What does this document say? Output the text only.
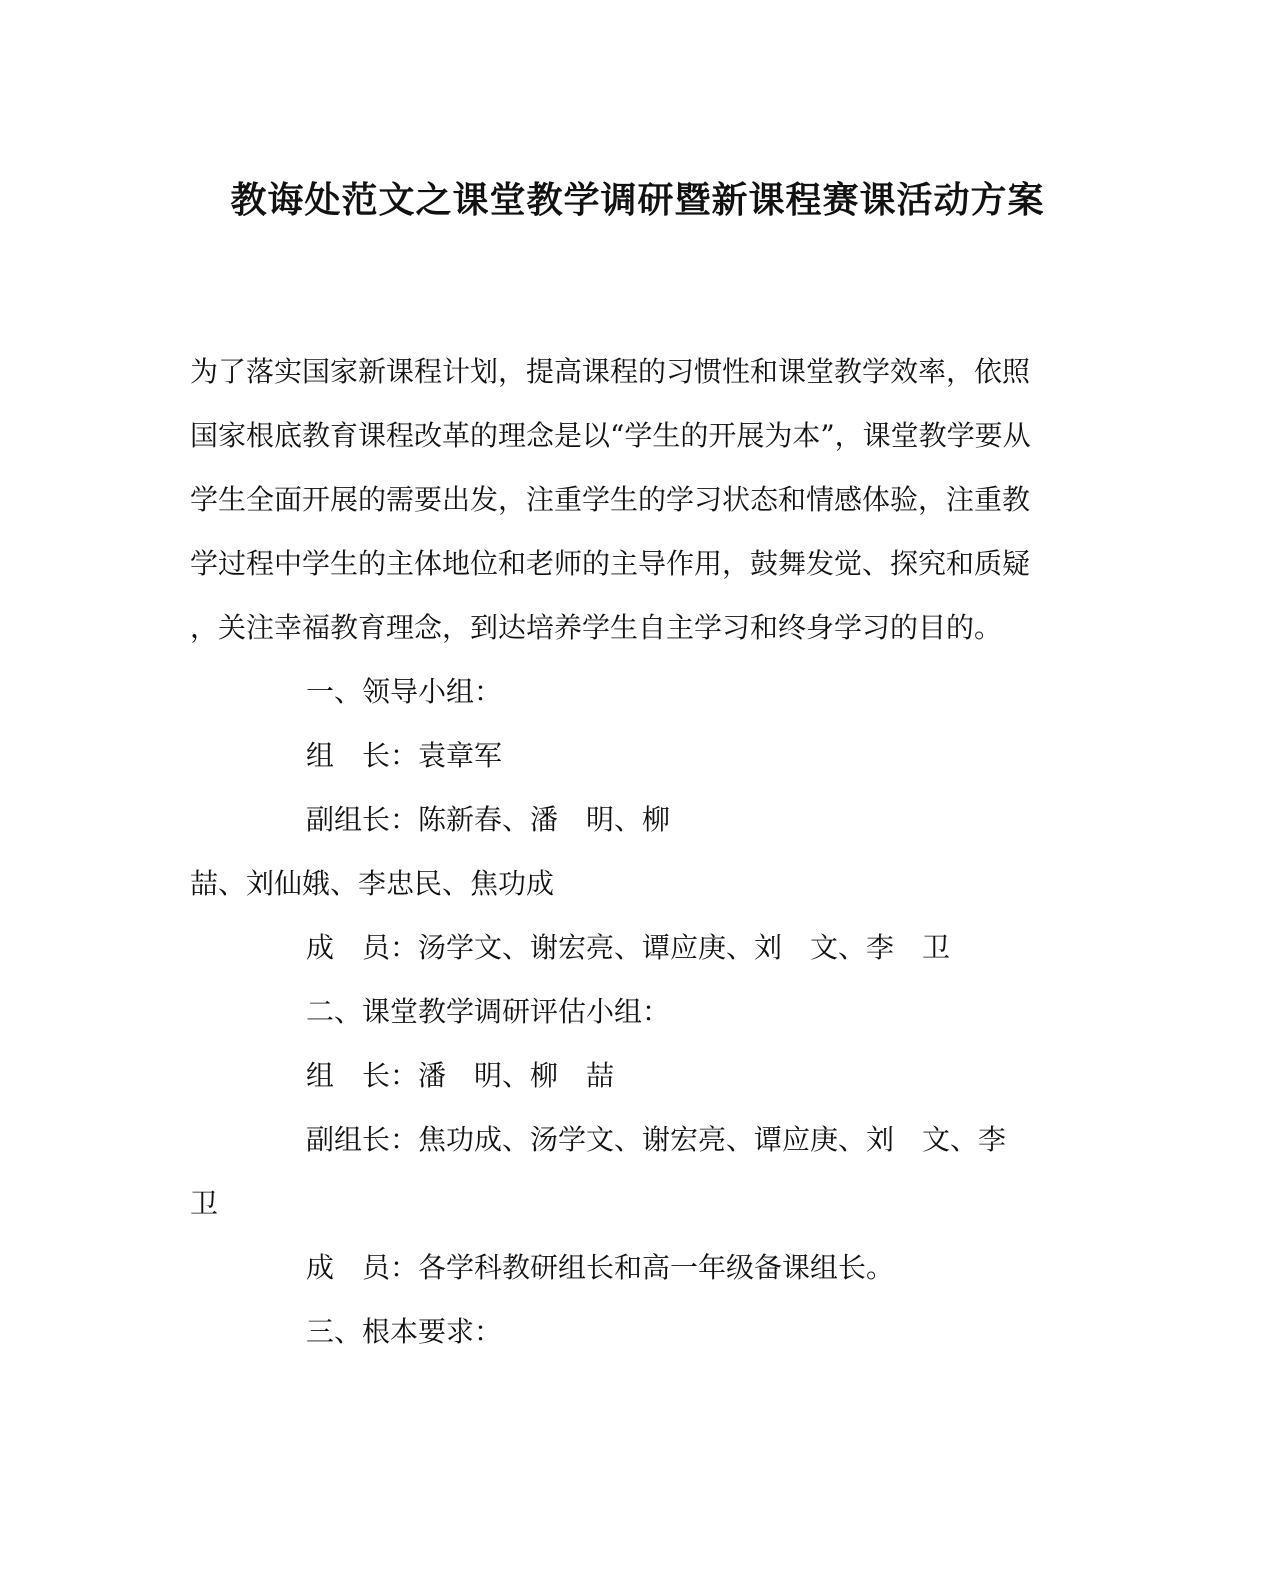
教诲处范文之课堂教学调研暨新课程赛课活动方案
为了落实国家新课程计划，提高课程的习惯性和课堂教学效率，依照
国家根底教育课程改革的理念是以“学生的开展为本”，课堂教学要从
学生全面开展的需要出发，注重学生的学习状态和情感体验，注重教
学过程中学生的主体地位和老师的主导作用，鼓舞发觉、探究和质疑
，关注幸福教育理念，到达培养学生自主学习和终身学习的目的。
一、领导小组：
组　长：袁章军
副组长：陈新春、潘　明、柳
喆、刘仙娥、李忠民、焦功成
成　员：汤学文、谢宏亮、谭应庚、刘　文、李　卫
二、课堂教学调研评估小组：
组　长：潘　明、柳　喆
副组长：焦功成、汤学文、谢宏亮、谭应庚、刘　文、李
卫
成　员：各学科教研组长和高一年级备课组长。
三、根本要求：
